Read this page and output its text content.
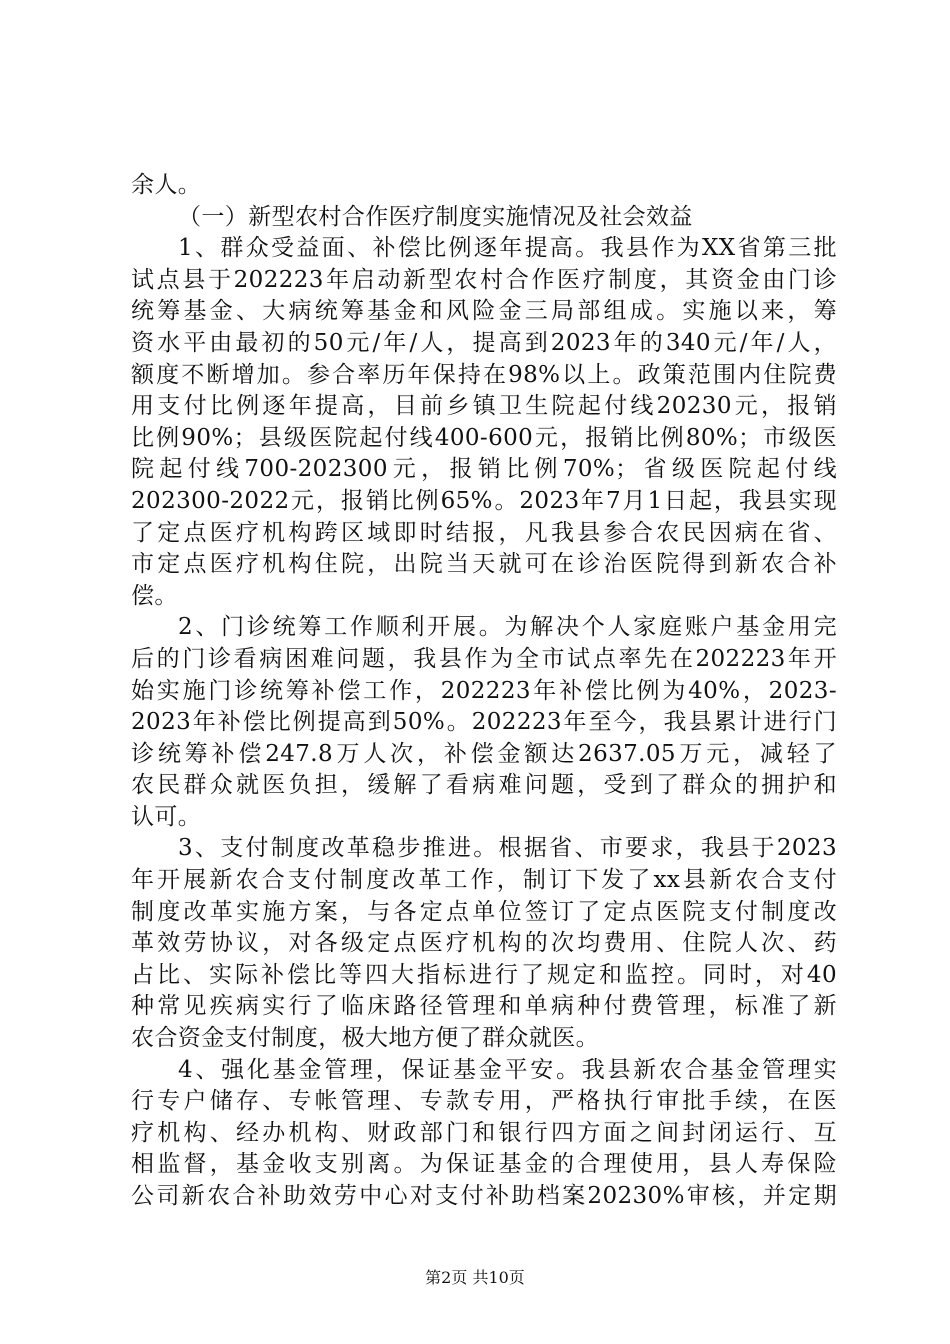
余人。
（一）新型农村合作医疗制度实施情况及社会效益
1、群众受益面、补偿比例逐年提高。我县作为XX省第三批
试点县于202223年启动新型农村合作医疗制度，其资金由门诊
统筹基金、大病统筹基金和风险金三局部组成。实施以来，筹
资水平由最初的50元/年/人，提高到2023年的340元/年/人，
额度不断增加。参合率历年保持在98%以上。政策范围内住院费
用支付比例逐年提高，目前乡镇卫生院起付线20230元，报销
比例90%；县级医院起付线400-600元，报销比例80%；市级医
院起付线700-202300元，报销比例70%；省级医院起付线
202300-2022元，报销比例65%。2023年7月1日起，我县实现
了定点医疗机构跨区域即时结报，凡我县参合农民因病在省、
市定点医疗机构住院，出院当天就可在诊治医院得到新农合补
偿。
2、门诊统筹工作顺利开展。为解决个人家庭账户基金用完
后的门诊看病困难问题，我县作为全市试点率先在202223年开
始实施门诊统筹补偿工作，202223年补偿比例为40%，2023-
2023年补偿比例提高到50%。202223年至今，我县累计进行门
诊统筹补偿247.8万人次，补偿金额达2637.05万元，减轻了
农民群众就医负担，缓解了看病难问题，受到了群众的拥护和
认可。
3、支付制度改革稳步推进。根据省、市要求，我县于2023
年开展新农合支付制度改革工作，制订下发了xx县新农合支付
制度改革实施方案，与各定点单位签订了定点医院支付制度改
革效劳协议，对各级定点医疗机构的次均费用、住院人次、药
占比、实际补偿比等四大指标进行了规定和监控。同时，对40
种常见疾病实行了临床路径管理和单病种付费管理，标准了新
农合资金支付制度，极大地方便了群众就医。
4、强化基金管理，保证基金平安。我县新农合基金管理实
行专户储存、专帐管理、专款专用，严格执行审批手续，在医
疗机构、经办机构、财政部门和银行四方面之间封闭运行、互
相监督，基金收支别离。为保证基金的合理使用，县人寿保险
公司新农合补助效劳中心对支付补助档案20230%审核，并定期
第2页 共10页
